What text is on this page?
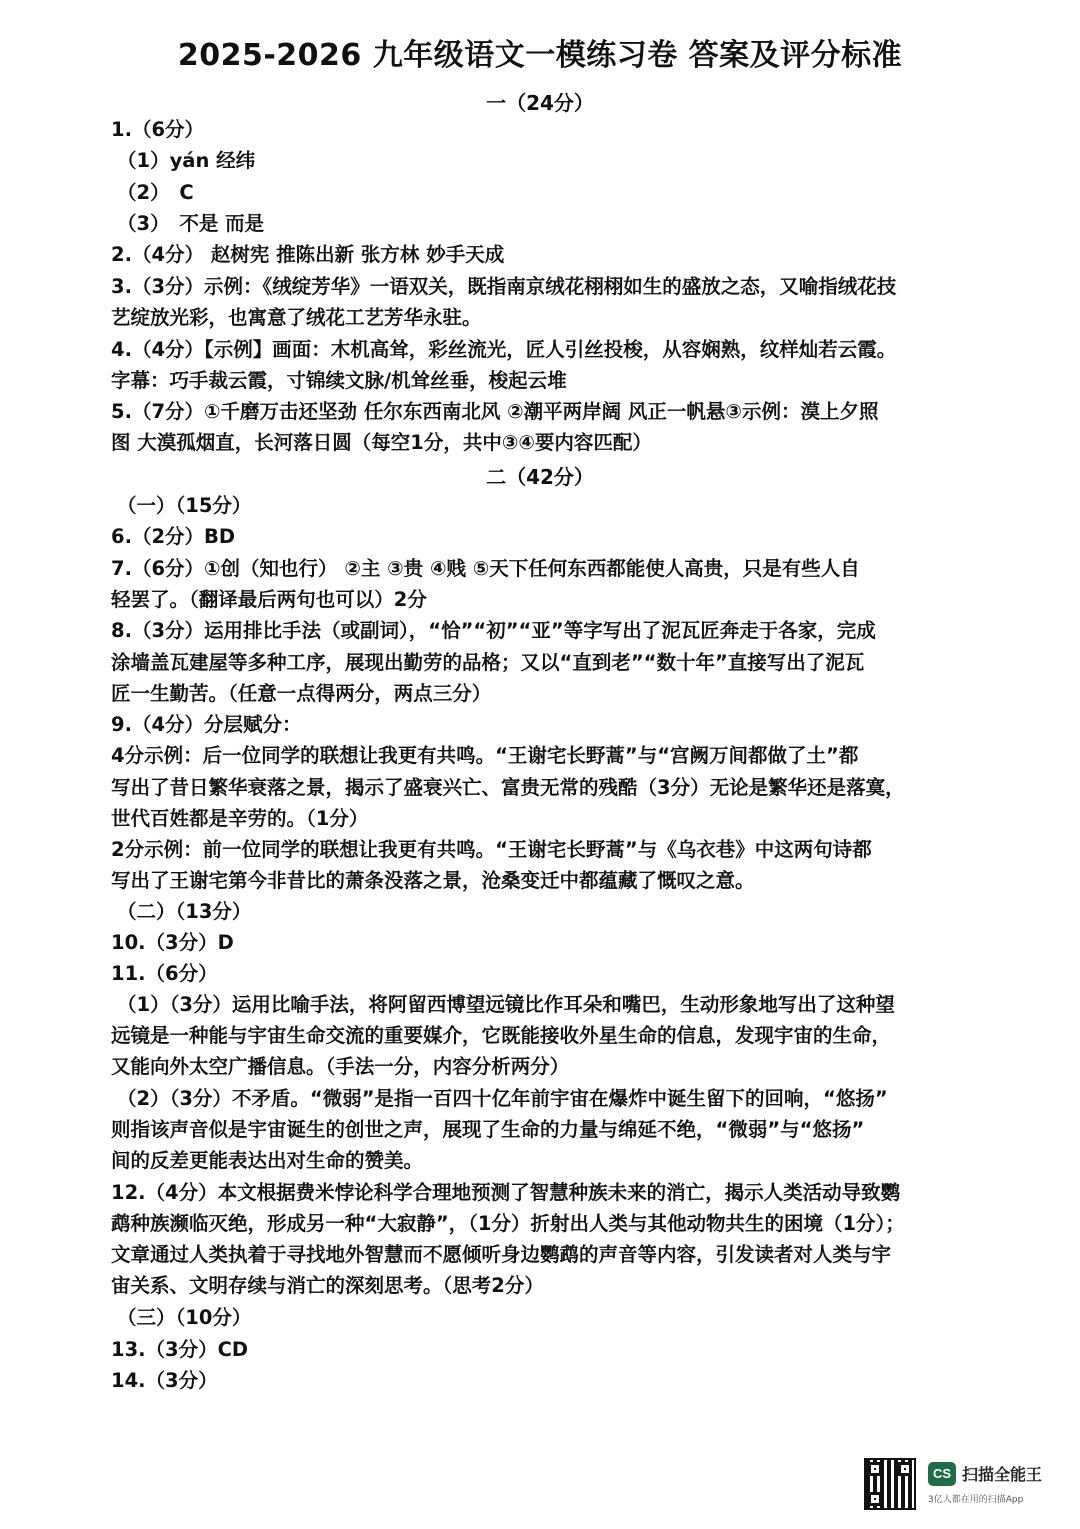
2025-2026 九年级语文一模练习卷 答案及评分标准
一（24分）
1.（6分）
（1）yán 经纬
（2）　C
（3）　不是 而是
2.（4分） 赵树宪 推陈出新 张方林 妙手天成
3.（3分）示例：《绒绽芳华》一语双关，既指南京绒花栩栩如生的盛放之态，又喻指绒花技
艺绽放光彩，也寓意了绒花工艺芳华永驻。
4.（4分）【示例】画面：木机高耸，彩丝流光，匠人引丝投梭，从容娴熟，纹样灿若云霞。
字幕：巧手裁云霞，寸锦续文脉/机耸丝垂，梭起云堆
5.（7分）①千磨万击还坚劲 任尔东西南北风 ②潮平两岸阔 风正一帆悬③示例：漠上夕照
图 大漠孤烟直，长河落日圆（每空1分，共中③④要内容匹配）
二（42分）
（一）（15分）
6.（2分）BD
7.（6分）①创（知也行） ②主 ③贵 ④贱 ⑤天下任何东西都能使人高贵，只是有些人自
轻罢了。（翻译最后两句也可以）2分
8.（3分）运用排比手法（或副词），“恰”“初”“亚”等字写出了泥瓦匠奔走于各家，完成
涂墙盖瓦建屋等多种工序，展现出勤劳的品格；又以“直到老”“数十年”直接写出了泥瓦
匠一生勤苦。（任意一点得两分，两点三分）
9.（4分）分层赋分：
4分示例：后一位同学的联想让我更有共鸣。“王谢宅长野蒿”与“宫阙万间都做了土”都
写出了昔日繁华衰落之景，揭示了盛衰兴亡、富贵无常的残酷（3分）无论是繁华还是落寞，
世代百姓都是辛劳的。（1分）
2分示例：前一位同学的联想让我更有共鸣。“王谢宅长野蒿”与《乌衣巷》中这两句诗都
写出了王谢宅第今非昔比的萧条没落之景，沧桑变迁中都蕴藏了慨叹之意。
（二）（13分）
10.（3分）D
11.（6分）
（1）（3分）运用比喻手法，将阿留西博望远镜比作耳朵和嘴巴，生动形象地写出了这种望
远镜是一种能与宇宙生命交流的重要媒介，它既能接收外星生命的信息，发现宇宙的生命，
又能向外太空广播信息。（手法一分，内容分析两分）
（2）（3分）不矛盾。“微弱”是指一百四十亿年前宇宙在爆炸中诞生留下的回响，“悠扬”
则指该声音似是宇宙诞生的创世之声，展现了生命的力量与绵延不绝，“微弱”与“悠扬”
间的反差更能表达出对生命的赞美。
12.（4分）本文根据费米悖论科学合理地预测了智慧种族未来的消亡，揭示人类活动导致鹦
鹉种族濒临灭绝，形成另一种“大寂静”，（1分）折射出人类与其他动物共生的困境（1分）；
文章通过人类执着于寻找地外智慧而不愿倾听身边鹦鹉的声音等内容，引发读者对人类与宇
宙关系、文明存续与消亡的深刻思考。（思考2分）
（三）（10分）
13.（3分）CD
14.（3分）
CS 扫描全能王
3亿人都在用的扫描App
